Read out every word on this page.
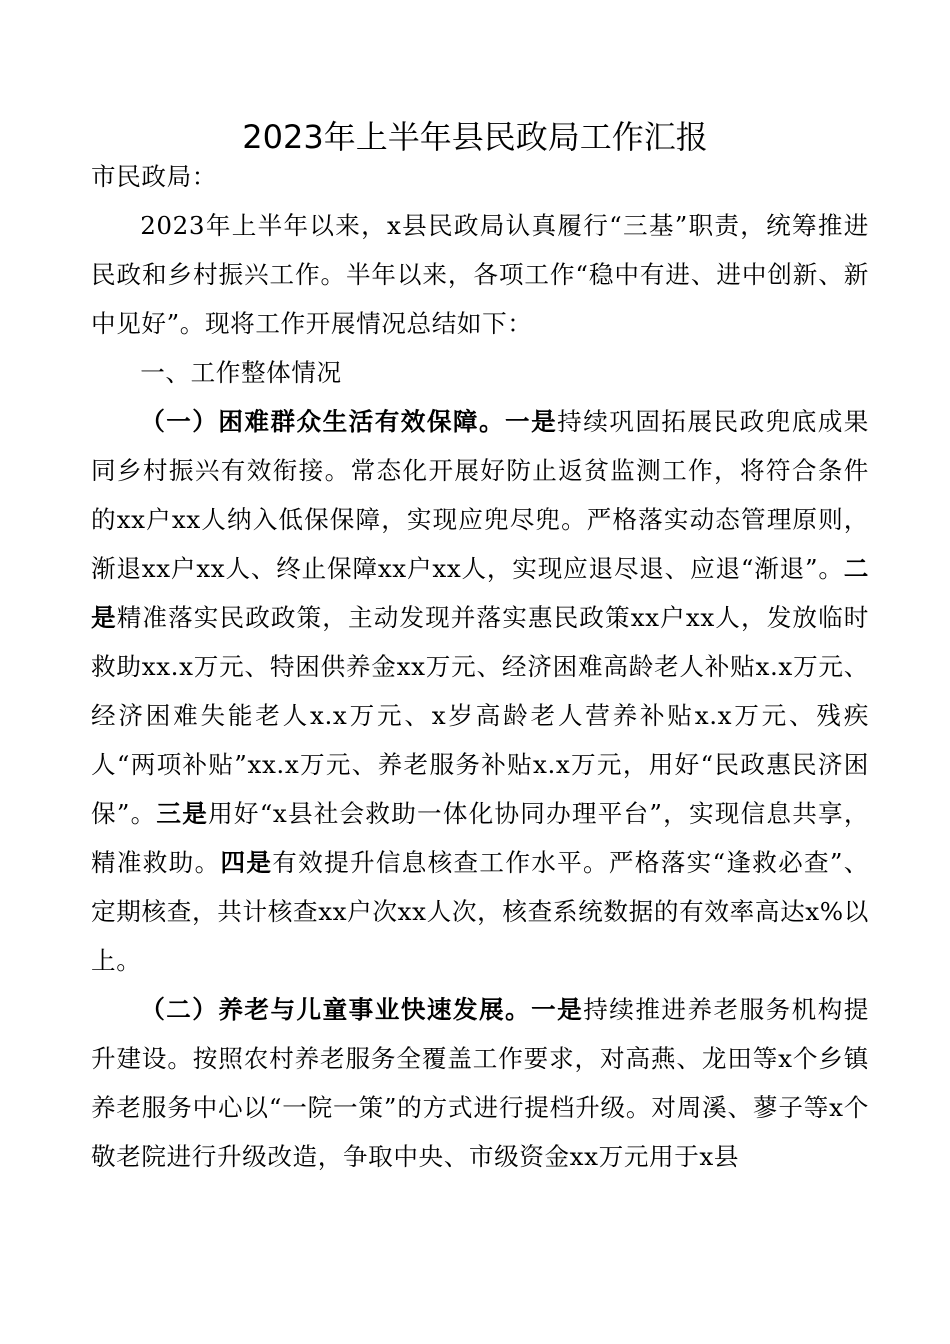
2023年上半年县民政局工作汇报

市民政局：

2023年上半年以来，x县民政局认真履行“三基”职责，统筹推进民政和乡村振兴工作。半年以来，各项工作“稳中有进、进中创新、新中见好”。现将工作开展情况总结如下：

一、工作整体情况

（一）困难群众生活有效保障。一是持续巩固拓展民政兜底成果同乡村振兴有效衔接。常态化开展好防止返贫监测工作，将符合条件的xx户xx人纳入低保保障，实现应兜尽兜。严格落实动态管理原则，渐退xx户xx人、终止保障xx户xx人，实现应退尽退、应退“渐退”。二是精准落实民政政策，主动发现并落实惠民政策xx户xx人，发放临时救助xx.x万元、特困供养金xx万元、经济困难高龄老人补贴x.x万元、经济困难失能老人x.x万元、x岁高龄老人营养补贴x.x万元、残疾人“两项补贴”xx.x万元、养老服务补贴x.x万元，用好“民政惠民济困保”。三是用好“x县社会救助一体化协同办理平台”，实现信息共享，精准救助。四是有效提升信息核查工作水平。严格落实“逢救必查”、定期核查，共计核查xx户次xx人次，核查系统数据的有效率高达x%以上。

（二）养老与儿童事业快速发展。一是持续推进养老服务机构提升建设。按照农村养老服务全覆盖工作要求，对高燕、龙田等x个乡镇养老服务中心以“一院一策”的方式进行提档升级。对周溪、蓼子等x个敬老院进行升级改造，争取中央、市级资金xx万元用于x县
